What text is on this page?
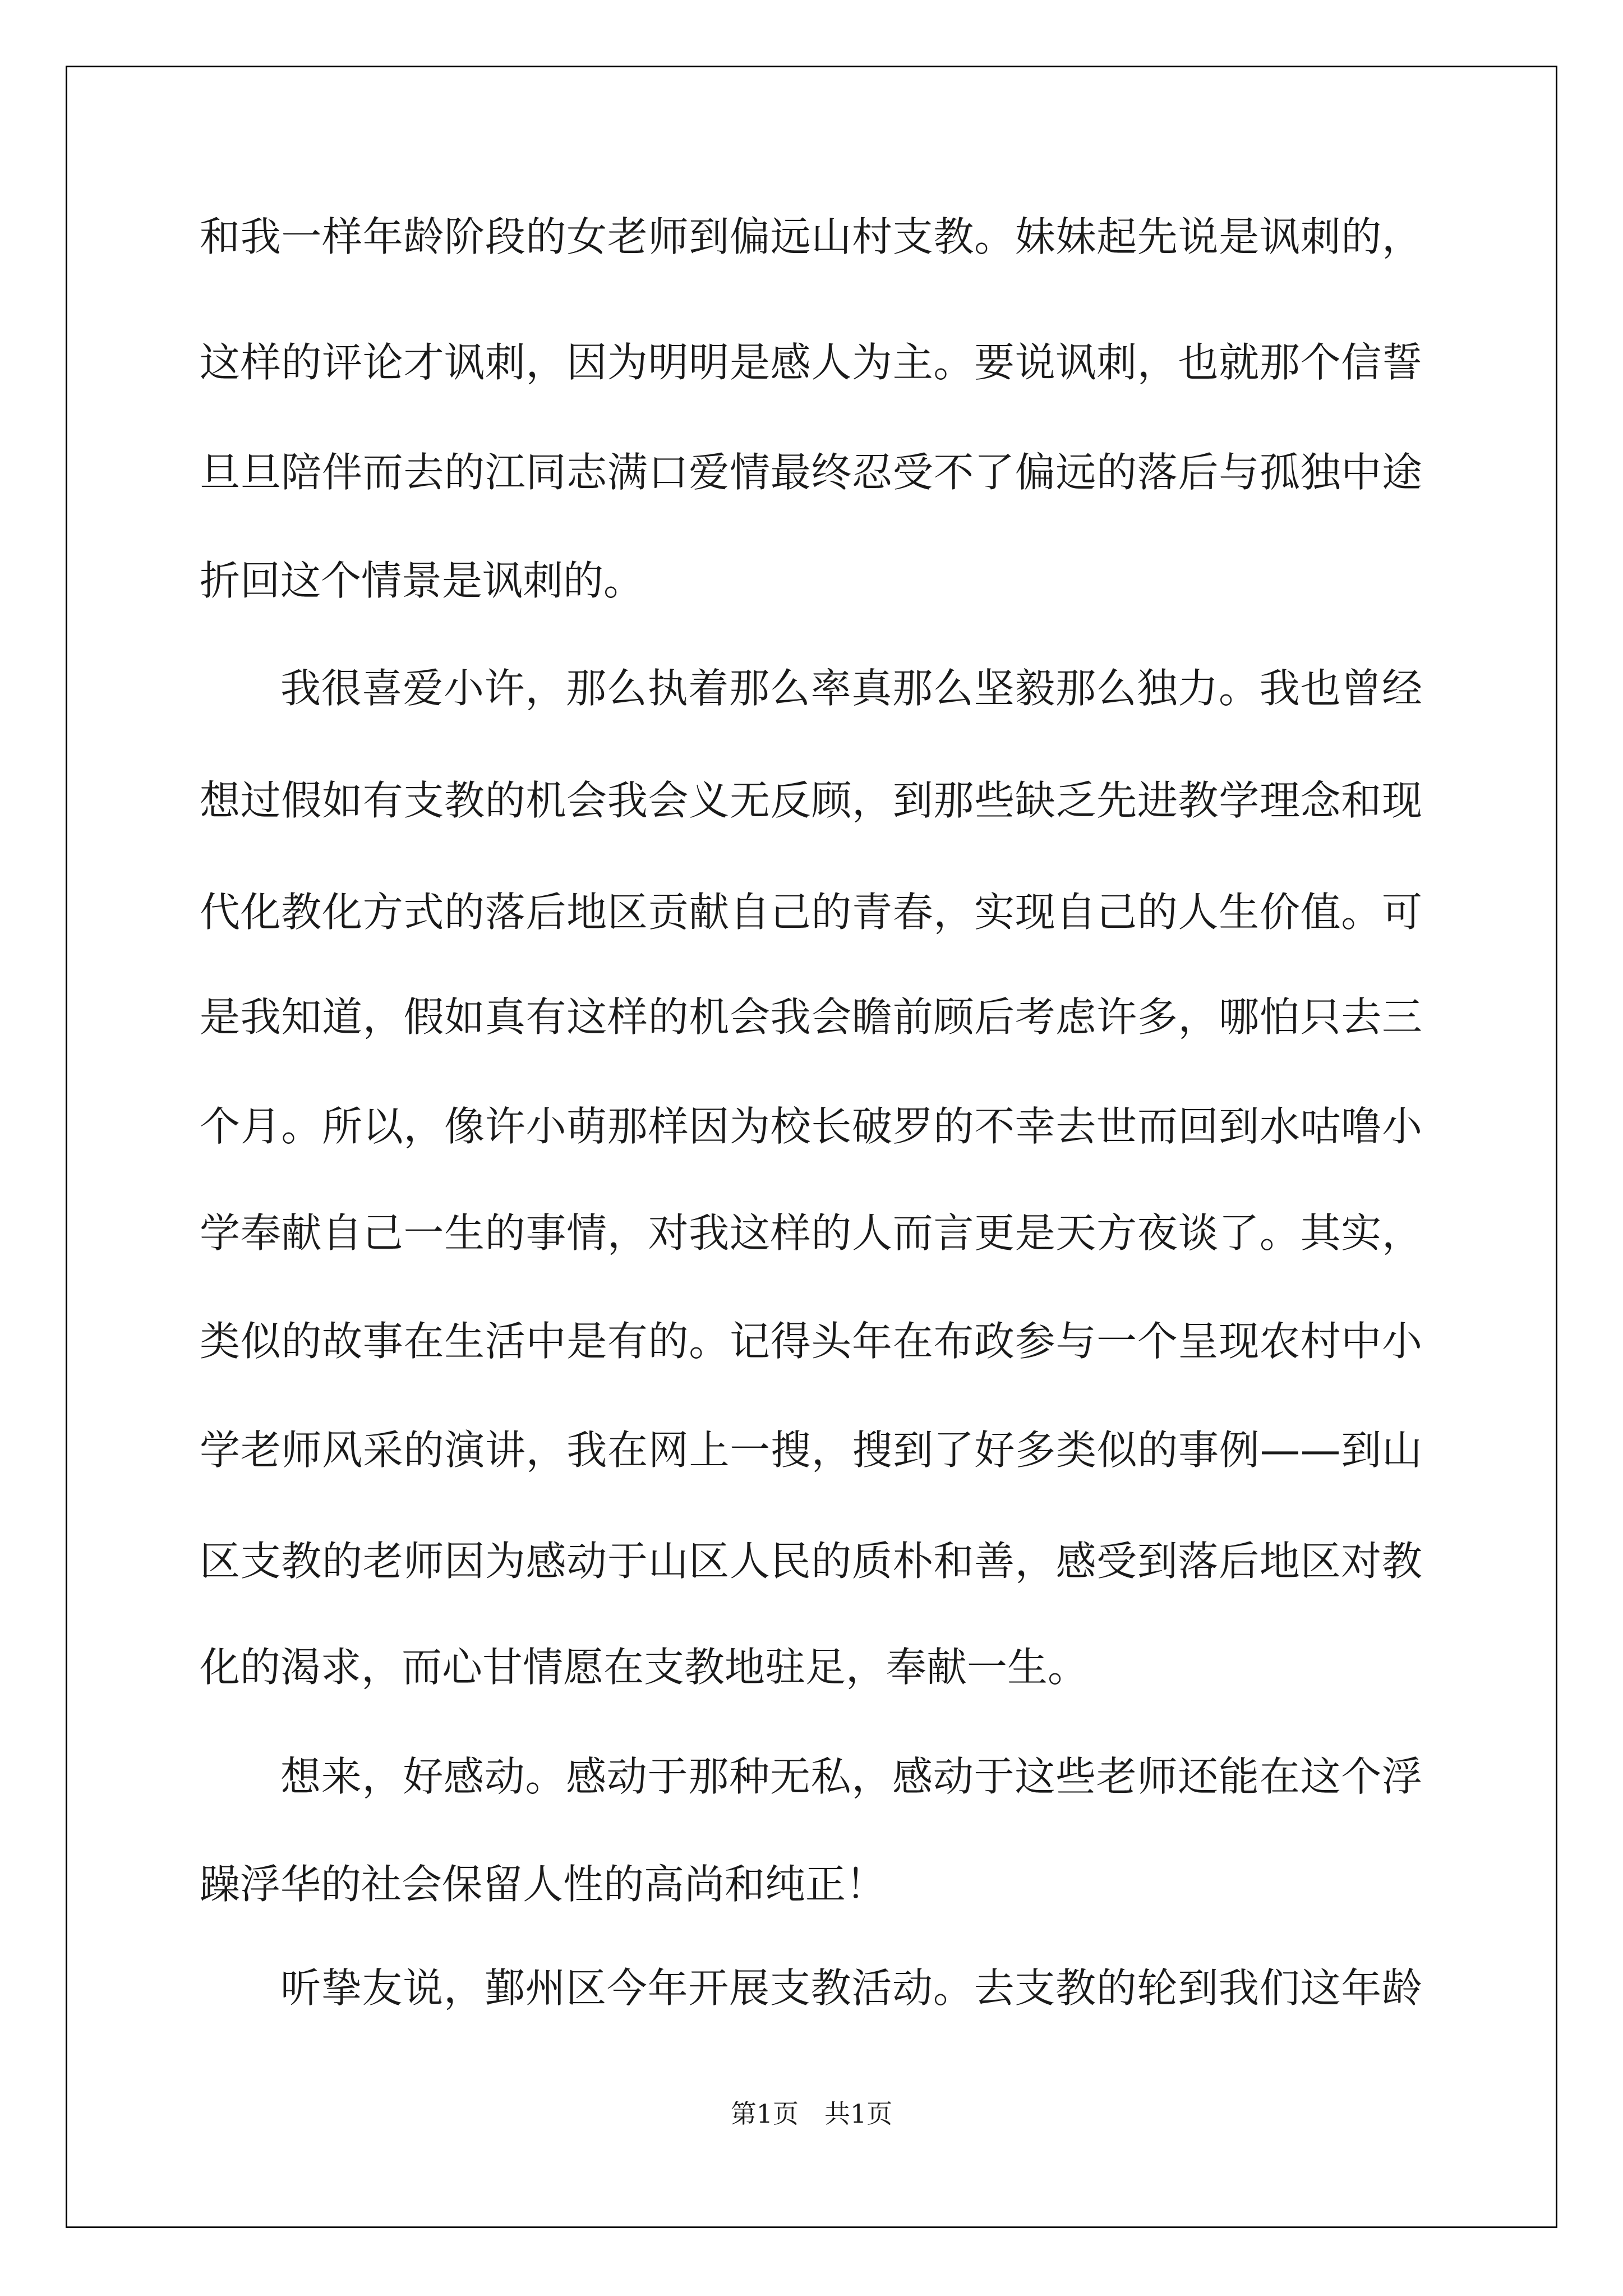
和我一样年龄阶段的女老师到偏远山村支教。妹妹起先说是讽刺的，
这样的评论才讽刺，因为明明是感人为主。要说讽刺，也就那个信誓
旦旦陪伴而去的江同志满口爱情最终忍受不了偏远的落后与孤独中途
折回这个情景是讽刺的。
我很喜爱小许，那么执着那么率真那么坚毅那么独力。我也曾经
想过假如有支教的机会我会义无反顾，到那些缺乏先进教学理念和现
代化教化方式的落后地区贡献自己的青春，实现自己的人生价值。可
是我知道，假如真有这样的机会我会瞻前顾后考虑许多，哪怕只去三
个月。所以，像许小萌那样因为校长破罗的不幸去世而回到水咕噜小
学奉献自己一生的事情，对我这样的人而言更是天方夜谈了。其实，
类似的故事在生活中是有的。记得头年在布政参与一个呈现农村中小
学老师风采的演讲，我在网上一搜，搜到了好多类似的事例——到山
区支教的老师因为感动于山区人民的质朴和善，感受到落后地区对教
化的渴求，而心甘情愿在支教地驻足，奉献一生。
想来，好感动。感动于那种无私，感动于这些老师还能在这个浮
躁浮华的社会保留人性的高尚和纯正！
听挚友说，鄞州区今年开展支教活动。去支教的轮到我们这年龄
第1页　共1页
